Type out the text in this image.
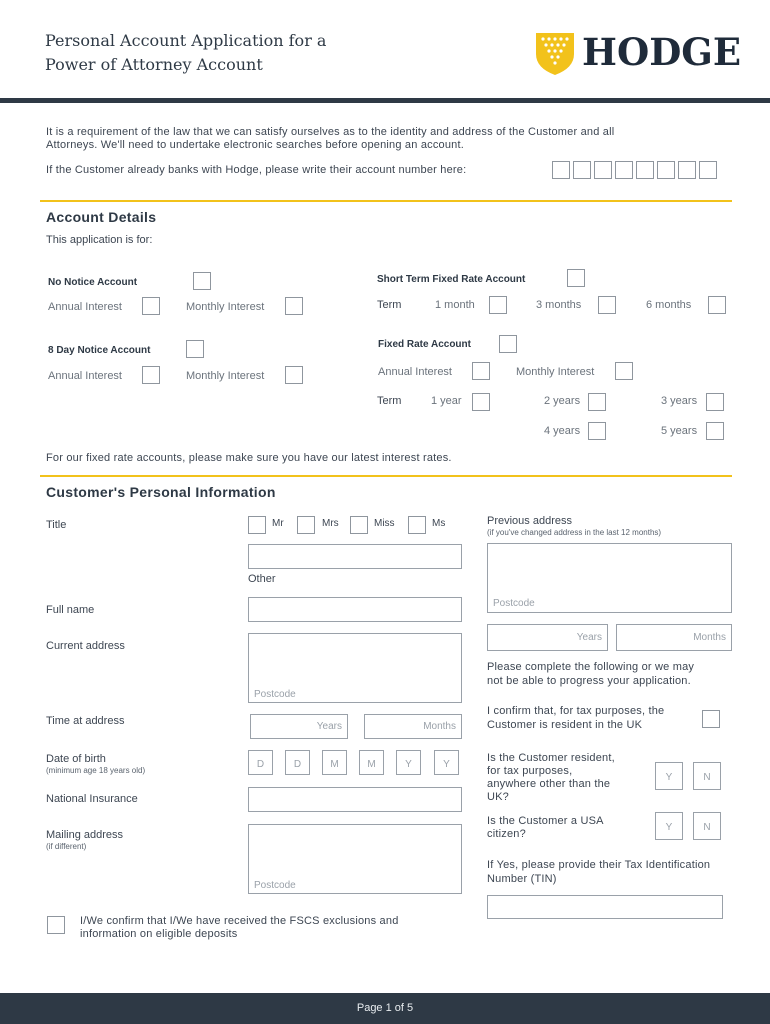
Personal Account Application for a
Power of Attorney Account	HODGE
It is a requirement of the law that we can satisfy ourselves as to the identity and address of the Customer and all
Attorneys. We'll need to undertake electronic searches before opening an account.
If the Customer already banks with Hodge, please write their account number here:
Account Details
This application is for:
No Notice Account
Annual Interest	Monthly Interest
8 Day Notice Account
Annual Interest	Monthly Interest
Short Term Fixed Rate Account
Term	1 month	3 months	6 months
Fixed Rate Account
Annual Interest	Monthly Interest
Term	1 year	2 years	3 years
4 years	5 years
For our fixed rate accounts, please make sure you have our latest interest rates.
Customer's Personal Information
Title	Mr	Mrs	Miss	Ms
Other
Full name
Current address
Postcode
Time at address	Years	Months
Date of birth
(minimum age 18 years old)
D	D	M	M	Y	Y
National Insurance
Mailing address
(if different)
Postcode
I/We confirm that I/We have received the FSCS exclusions and
information on eligible deposits
Previous address
(if you've changed address in the last 12 months)
Postcode
Years	Months
Please complete the following or we may
not be able to progress your application.
I confirm that, for tax purposes, the
Customer is resident in the UK
Is the Customer resident,
for tax purposes,
anywhere other than the
UK?
Y	N
Is the Customer a USA
citizen?
Y	N
If Yes, please provide their Tax Identification
Number (TIN)
Page 1 of 5
